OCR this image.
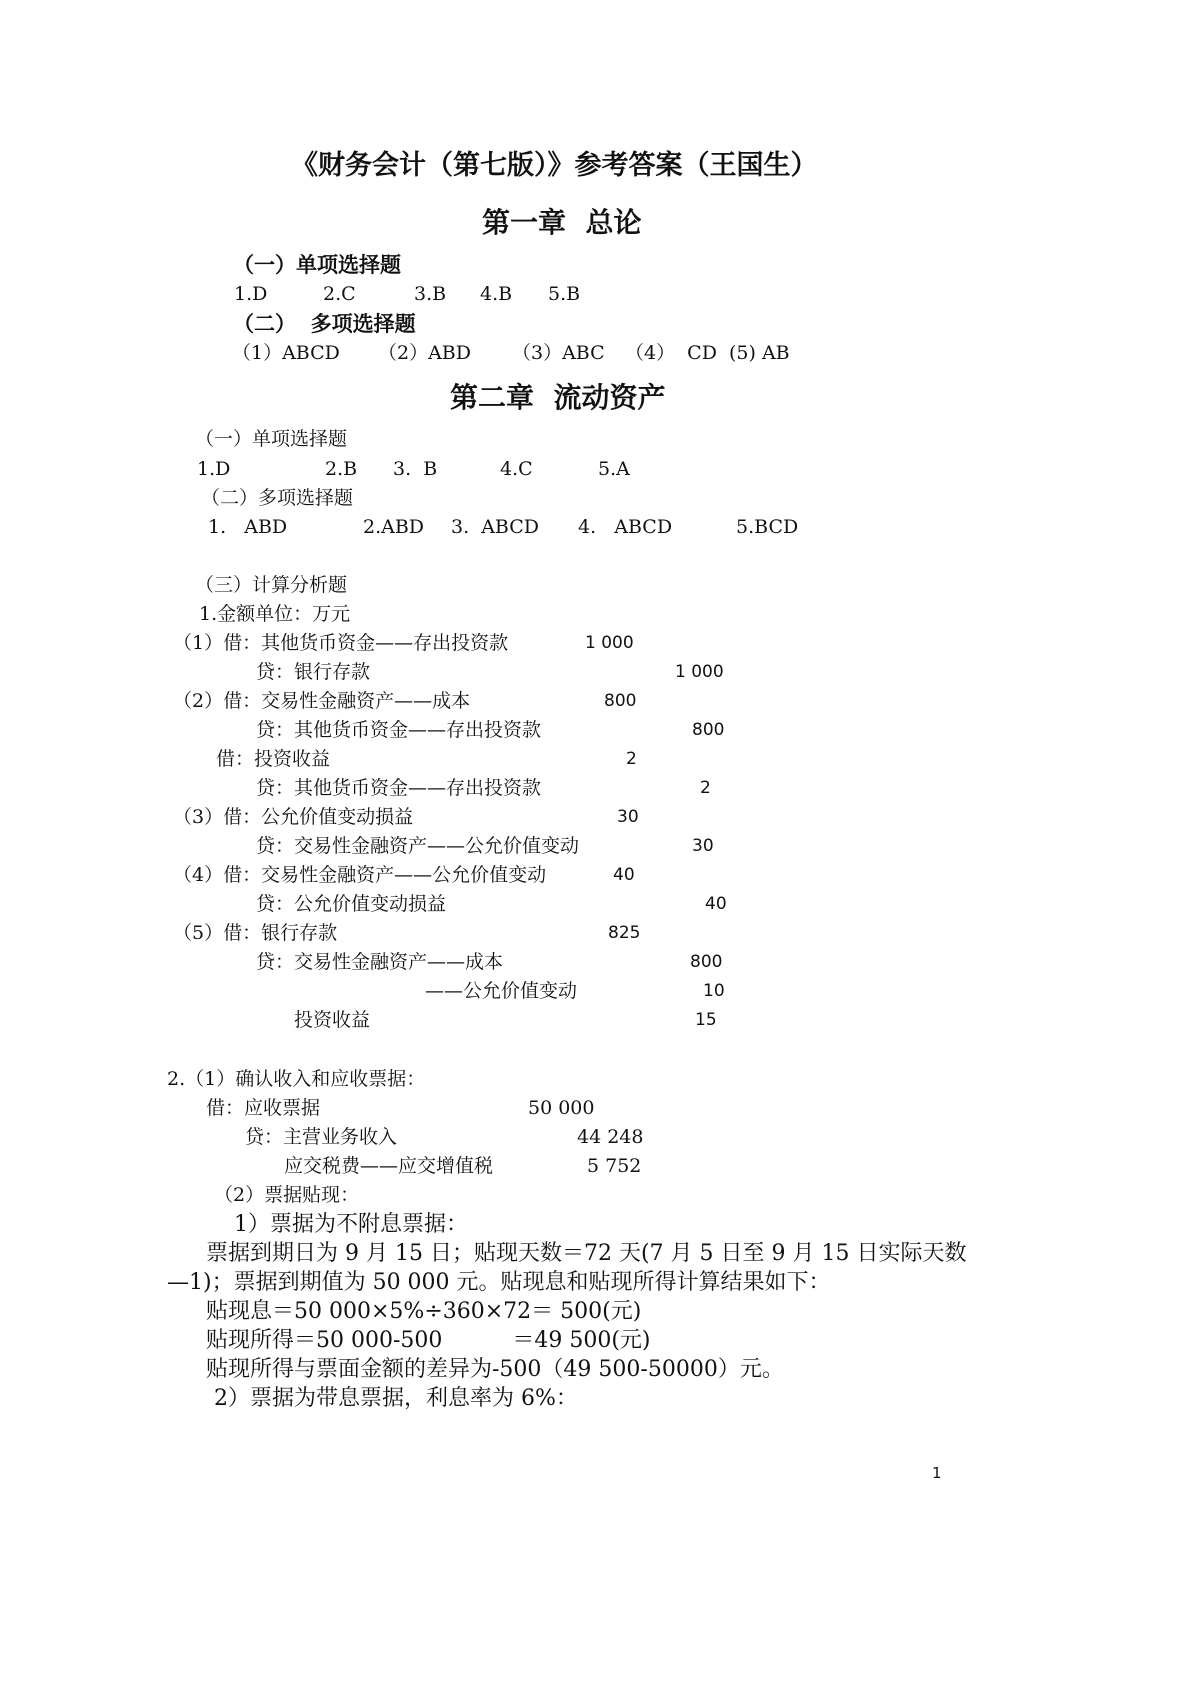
《财务会计（第七版）》参考答案（王国生）
第一章  总论
（一）单项选择题
1.D	2.C	3.B 4.B 5.B
（二）  多项选择题
（1）ABCD （2）ABD （3）ABC （4）  CD (5) AB
第二章  流动资产
（一）单项选择题
1.D	2.B 3.  B	4.C	5.A
（二）多项选择题
1.   ABD	2.ABD 3.  ABCD 4.   ABCD	5.BCD
（三）计算分析题
1.金额单位：万元
（1）借：其他货币资金——存出投资款	1 000
贷：银行存款	1 000
（2）借：交易性金融资产——成本	800
贷：其他货币资金——存出投资款	800
借：投资收益	2
贷：其他货币资金——存出投资款	2
（3）借：公允价值变动损益	30
贷：交易性金融资产——公允价值变动	30
（4）借：交易性金融资产——公允价值变动	40
贷：公允价值变动损益	40
（5）借：银行存款	825
贷：交易性金融资产——成本	800
——公允价值变动	10
投资收益	15
2.（1）确认收入和应收票据：
借：应收票据	50 000
贷：主营业务收入	44 248
应交税费——应交增值税	5 752
（2）票据贴现：
1）票据为不附息票据：
票据到期日为 9 月 15 日；贴现天数＝72 天(7 月 5 日至 9 月 15 日实际天数
—1)；票据到期值为 50 000 元。贴现息和贴现所得计算结果如下：
贴现息＝50 000×5%÷360×72＝ 500(元)
贴现所得＝50 000-500          ＝49 500(元)
贴现所得与票面金额的差异为-500（49 500-50000）元。
2）票据为带息票据，利息率为 6%：
1
